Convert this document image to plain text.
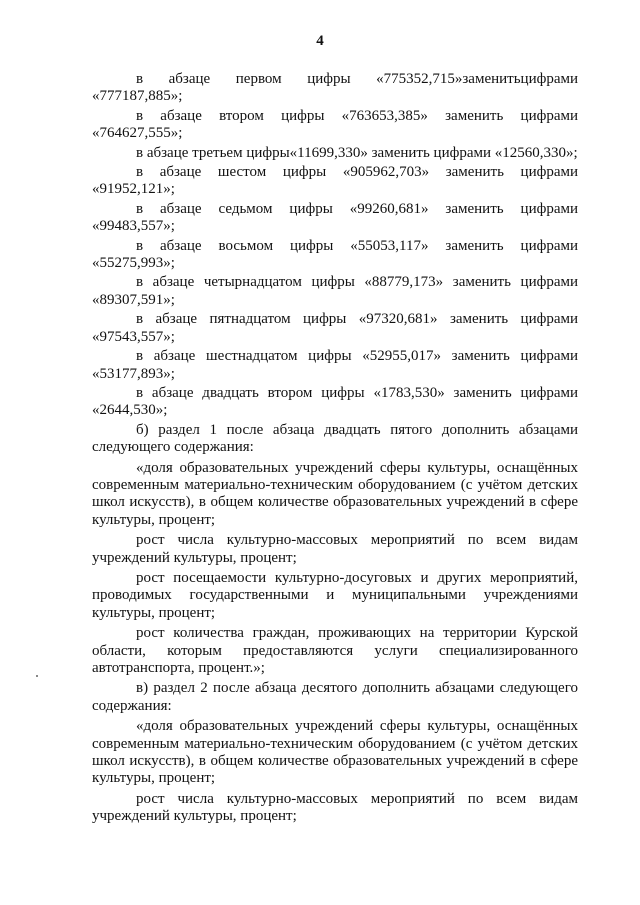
4

в абзаце первом цифры «775352,715»заменитьцифрами «777187,885»;

в абзаце втором цифры «763653,385» заменить цифрами «764627,555»;

в абзаце третьем цифры«11699,330» заменить цифрами «12560,330»;

в абзаце шестом цифры «905962,703» заменить цифрами «91952,121»;

в абзаце седьмом цифры «99260,681» заменить цифрами «99483,557»;

в абзаце восьмом цифры «55053,117» заменить цифрами «55275,993»;

в абзаце четырнадцатом цифры «88779,173» заменить цифрами «89307,591»;

в абзаце пятнадцатом цифры «97320,681» заменить цифрами «97543,557»;

в абзаце шестнадцатом цифры «52955,017» заменить цифрами «53177,893»;

в абзаце двадцать втором цифры «1783,530» заменить цифрами «2644,530»;

б) раздел 1 после абзаца двадцать пятого дополнить абзацами следующего содержания:

«доля образовательных учреждений сферы культуры, оснащённых современным материально-техническим оборудованием (с учётом детских школ искусств), в общем количестве образовательных учреждений в сфере культуры, процент;

рост числа культурно-массовых мероприятий по всем видам учреждений культуры, процент;

рост посещаемости культурно-досуговых и других мероприятий, проводимых государственными и муниципальными учреждениями культуры, процент;

рост количества граждан, проживающих на территории Курской области, которым предоставляются услуги специализированного автотранспорта, процент.»;

в) раздел 2 после абзаца десятого дополнить абзацами следующего содержания:

«доля образовательных учреждений сферы культуры, оснащённых современным материально-техническим оборудованием (с учётом детских школ искусств), в общем количестве образовательных учреждений в сфере культуры, процент;

рост числа культурно-массовых мероприятий по всем видам учреждений культуры, процент;
